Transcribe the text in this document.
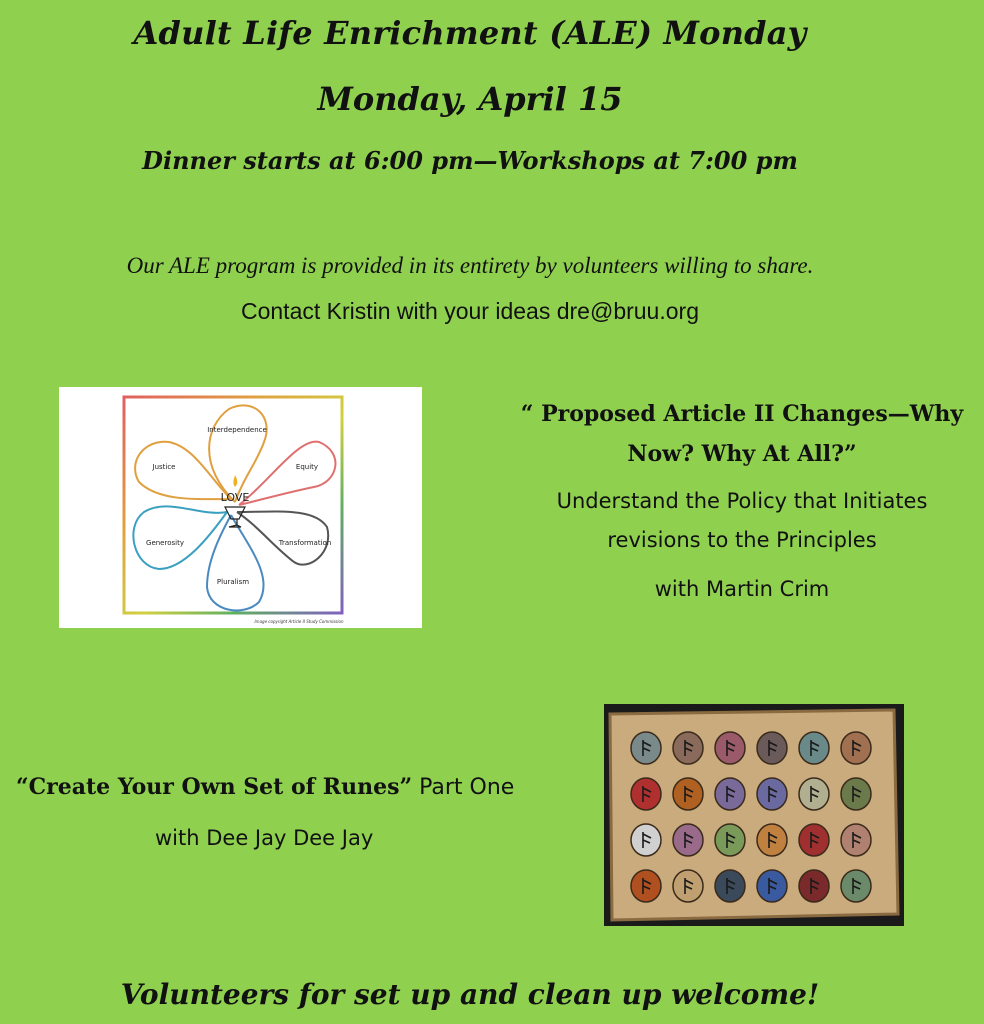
Adult Life Enrichment (ALE) Monday
Monday, April 15
Dinner starts at 6:00 pm—Workshops at 7:00 pm
Our ALE program is provided in its entirety by volunteers willing to share.
Contact Kristin with your ideas dre@bruu.org
Interdependence
Equity
Transformation
Pluralism
Generosity
Justice
LOVE
Image copyright Article II Study Commission
“ Proposed Article II Changes—Why
Now? Why At All?”
Understand the Policy that Initiates
revisions to the Principles
with Martin Crim
“Create Your Own Set of Runes” Part One
with Dee Jay Dee Jay
Volunteers for set up and clean up welcome!
